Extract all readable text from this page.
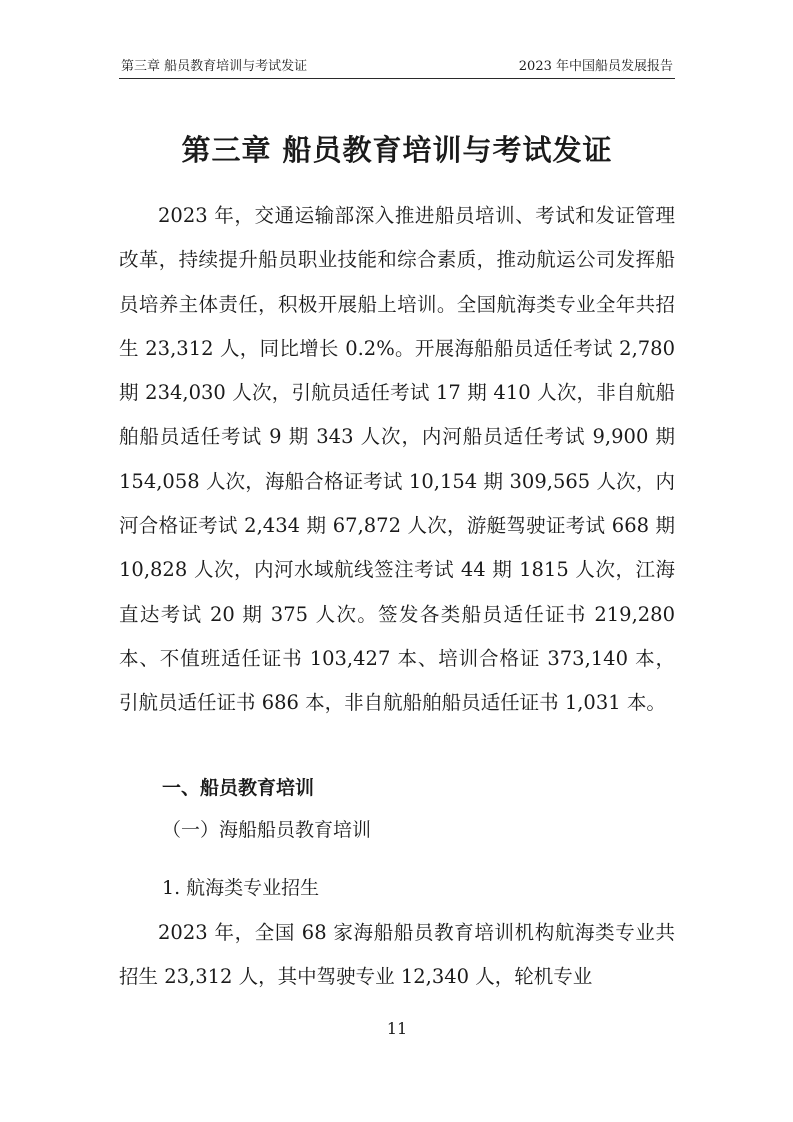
第三章 船员教育培训与考试发证	2023 年中国船员发展报告
第三章 船员教育培训与考试发证

2023 年，交通运输部深入推进船员培训、考试和发证管理改革，持续提升船员职业技能和综合素质，推动航运公司发挥船员培养主体责任，积极开展船上培训。全国航海类专业全年共招生 23,312 人，同比增长 0.2%。开展海船船员适任考试 2,780 期 234,030 人次，引航员适任考试 17 期 410 人次，非自航船舶船员适任考试 9 期 343 人次，内河船员适任考试 9,900 期 154,058 人次，海船合格证考试 10,154 期 309,565 人次，内河合格证考试 2,434 期 67,872 人次，游艇驾驶证考试 668 期 10,828 人次，内河水域航线签注考试 44 期 1815 人次，江海直达考试 20 期 375 人次。签发各类船员适任证书 219,280 本、不值班适任证书 103,427 本、培训合格证 373,140 本，引航员适任证书 686 本，非自航船舶船员适任证书 1,031 本。

一、船员教育培训
（一）海船船员教育培训
1. 航海类专业招生

2023 年，全国 68 家海船船员教育培训机构航海类专业共招生 23,312 人，其中驾驶专业 12,340 人，轮机专业

11
